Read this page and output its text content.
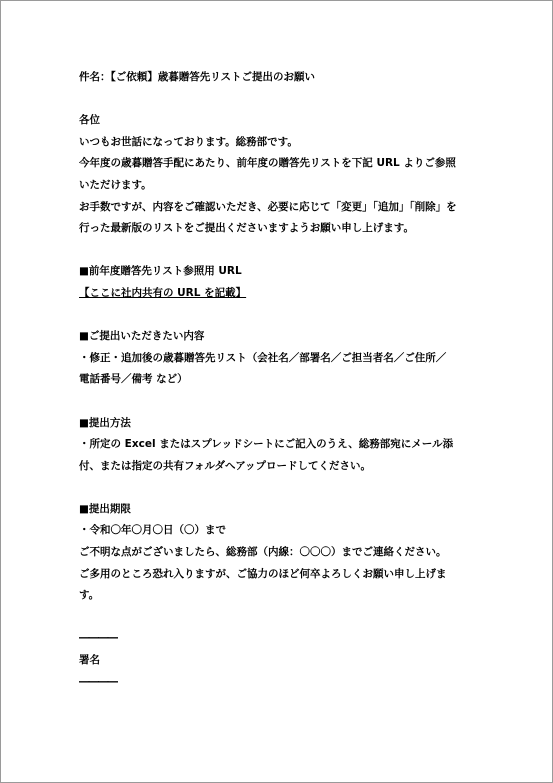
件名：【ご依頼】歳暮贈答先リストご提出のお願い
各位
いつもお世話になっております。総務部です。
今年度の歳暮贈答手配にあたり、前年度の贈答先リストを下記 URL よりご参照
いただけます。
お手数ですが、内容をご確認いただき、必要に応じて「変更」「追加」「削除」を
行った最新版のリストをご提出くださいますようお願い申し上げます。
■前年度贈答先リスト参照用 URL
【ここに社内共有の URL を記載】
■ご提出いただきたい内容
・修正・追加後の歳暮贈答先リスト（会社名／部署名／ご担当者名／ご住所／
電話番号／備考 など）
■提出方法
・所定の Excel またはスプレッドシートにご記入のうえ、総務部宛にメール添
付、または指定の共有フォルダへアップロードしてください。
■提出期限
・令和〇年〇月〇日（〇）まで
ご不明な点がございましたら、総務部（内線：〇〇〇）までご連絡ください。
ご多用のところ恐れ入りますが、ご協力のほど何卒よろしくお願い申し上げま
す。
――――
署名
――――
